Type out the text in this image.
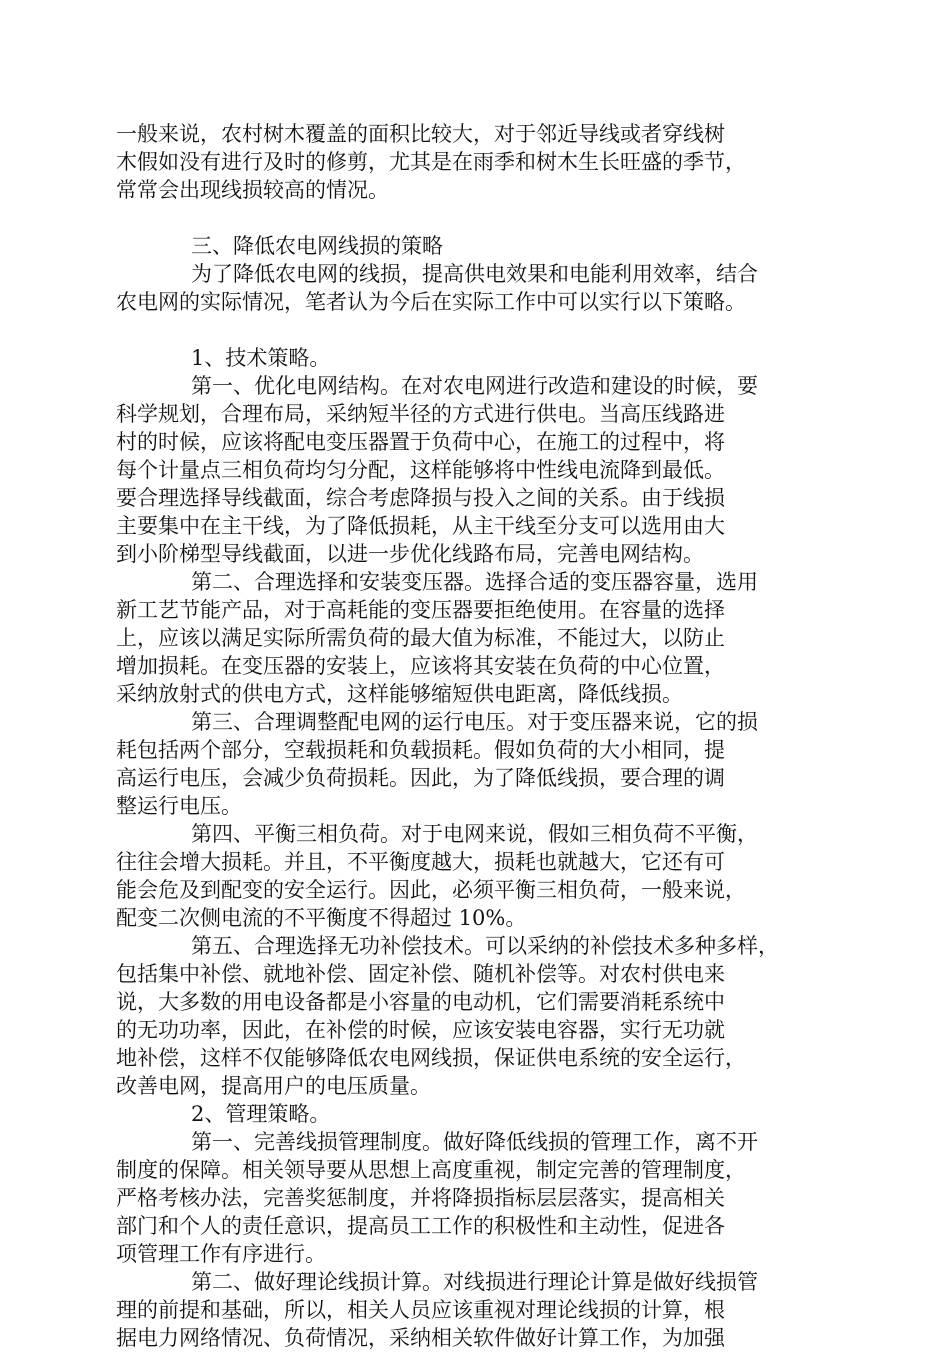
一般来说，农村树木覆盖的面积比较大，对于邻近导线或者穿线树
木假如没有进行及时的修剪，尤其是在雨季和树木生长旺盛的季节，
常常会出现线损较高的情况。

三、降低农电网线损的策略

为了降低农电网的线损，提高供电效果和电能利用效率，结合
农电网的实际情况，笔者认为今后在实际工作中可以实行以下策略。

1、技术策略。

第一、优化电网结构。在对农电网进行改造和建设的时候，要
科学规划，合理布局，采纳短半径的方式进行供电。当高压线路进
村的时候，应该将配电变压器置于负荷中心，在施工的过程中，将
每个计量点三相负荷均匀分配，这样能够将中性线电流降到最低。
要合理选择导线截面，综合考虑降损与投入之间的关系。由于线损
主要集中在主干线，为了降低损耗，从主干线至分支可以选用由大
到小阶梯型导线截面，以进一步优化线路布局，完善电网结构。

第二、合理选择和安装变压器。选择合适的变压器容量，选用
新工艺节能产品，对于高耗能的变压器要拒绝使用。在容量的选择
上，应该以满足实际所需负荷的最大值为标准，不能过大，以防止
增加损耗。在变压器的安装上，应该将其安装在负荷的中心位置，
采纳放射式的供电方式，这样能够缩短供电距离，降低线损。

第三、合理调整配电网的运行电压。对于变压器来说，它的损
耗包括两个部分，空载损耗和负载损耗。假如负荷的大小相同，提
高运行电压，会减少负荷损耗。因此，为了降低线损，要合理的调
整运行电压。

第四、平衡三相负荷。对于电网来说，假如三相负荷不平衡，
往往会增大损耗。并且，不平衡度越大，损耗也就越大，它还有可
能会危及到配变的安全运行。因此，必须平衡三相负荷，一般来说，
配变二次侧电流的不平衡度不得超过 10%。

第五、合理选择无功补偿技术。可以采纳的补偿技术多种多样，
包括集中补偿、就地补偿、固定补偿、随机补偿等。对农村供电来
说，大多数的用电设备都是小容量的电动机，它们需要消耗系统中
的无功功率，因此，在补偿的时候，应该安装电容器，实行无功就
地补偿，这样不仅能够降低农电网线损，保证供电系统的安全运行，
改善电网，提高用户的电压质量。

2、管理策略。

第一、完善线损管理制度。做好降低线损的管理工作，离不开
制度的保障。相关领导要从思想上高度重视，制定完善的管理制度，
严格考核办法，完善奖惩制度，并将降损指标层层落实，提高相关
部门和个人的责任意识，提高员工工作的积极性和主动性，促进各
项管理工作有序进行。

第二、做好理论线损计算。对线损进行理论计算是做好线损管
理的前提和基础，所以，相关人员应该重视对理论线损的计算，根
据电力网络情况、负荷情况，采纳相关软件做好计算工作，为加强
